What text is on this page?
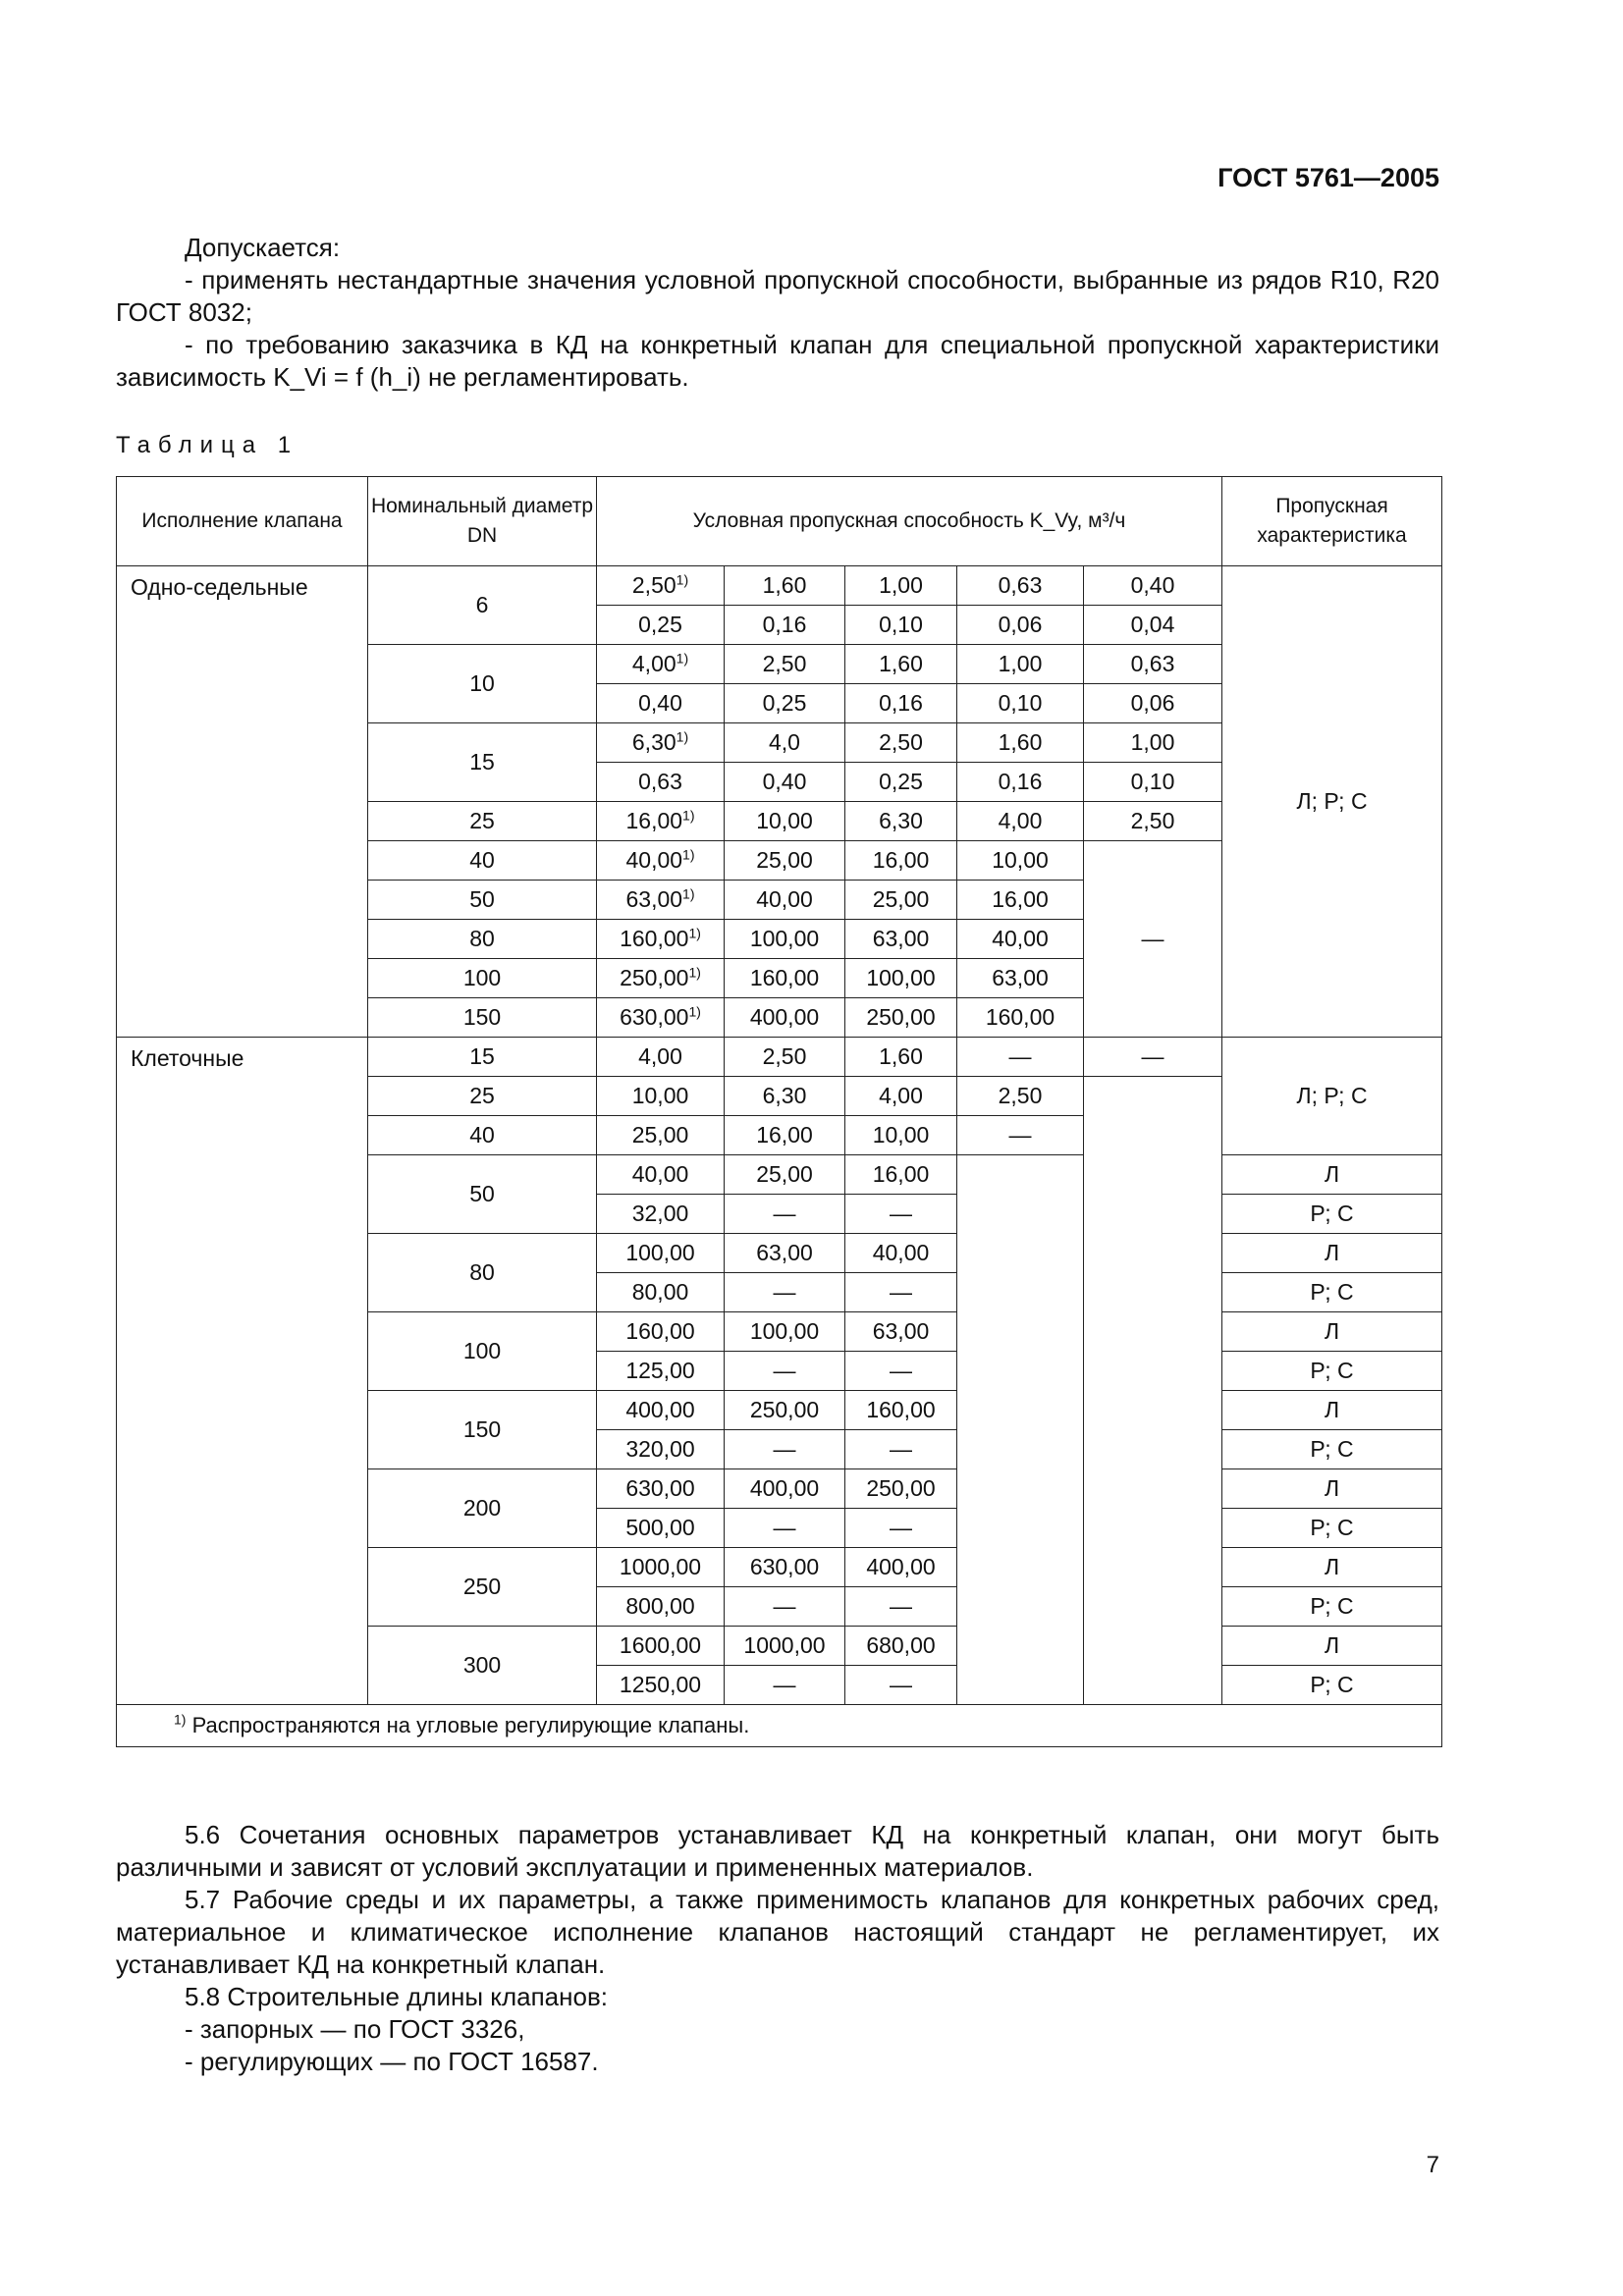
ГОСТ 5761—2005

Допускается:

- применять нестандартные значения условной пропускной способности, выбранные из рядов R10, R20 ГОСТ 8032;

- по требованию заказчика в КД на конкретный клапан для специальной пропускной характеристики зависимость K_Vi = f (h_i) не регламентировать.

Таблица 1
Исполнение клапана	Номинальный диаметр DN	Условная пропускная способность K_Vy, м³/ч					Пропускная характеристика
Одно-седельные	6	2,50$^{1)}$	1,60	1,00	0,63	0,40	Л; Р; С
		0,25	0,16	0,10	0,06	0,04	
	10	4,00$^{1)}$	2,50	1,60	1,00	0,63	
		0,40	0,25	0,16	0,10	0,06	
	15	6,30$^{1)}$	4,0	2,50	1,60	1,00	
		0,63	0,40	0,25	0,16	0,10	
	25	16,00$^{1)}$	10,00	6,30	4,00	2,50	
	40	40,00$^{1)}$	25,00	16,00	10,00	—	
	50	63,00$^{1)}$	40,00	25,00	16,00		
	80	160,00$^{1)}$	100,00	63,00	40,00		
	100	250,00$^{1)}$	160,00	100,00	63,00		
	150	630,00$^{1)}$	400,00	250,00	160,00		
Клеточные	15	4,00	2,50	1,60	—	—	Л; Р; С
	25	10,00	6,30	4,00	2,50		
	40	25,00	16,00	10,00	—		
	50	40,00	25,00	16,00			Л
		32,00	—	—			Р; С
	80	100,00	63,00	40,00			Л
		80,00	—	—			Р; С
	100	160,00	100,00	63,00			Л
		125,00	—	—			Р; С
	150	400,00	250,00	160,00			Л
		320,00	—	—			Р; С
	200	630,00	400,00	250,00			Л
		500,00	—	—			Р; С
	250	1000,00	630,00	400,00			Л
		800,00	—	—			Р; С
	300	1600,00	1000,00	680,00			Л
		1250,00	—	—			Р; С
$^{1)}$ Распространяются на угловые регулирующие клапаны.							

5.6 Сочетания основных параметров устанавливает КД на конкретный клапан, они могут быть различными и зависят от условий эксплуатации и примененных материалов.

5.7 Рабочие среды и их параметры, а также применимость клапанов для конкретных рабочих сред, материальное и климатическое исполнение клапанов настоящий стандарт не регламентирует, их устанавливает КД на конкретный клапан.

5.8 Строительные длины клапанов:

- запорных — по ГОСТ 3326,

- регулирующих — по ГОСТ 16587.

7
